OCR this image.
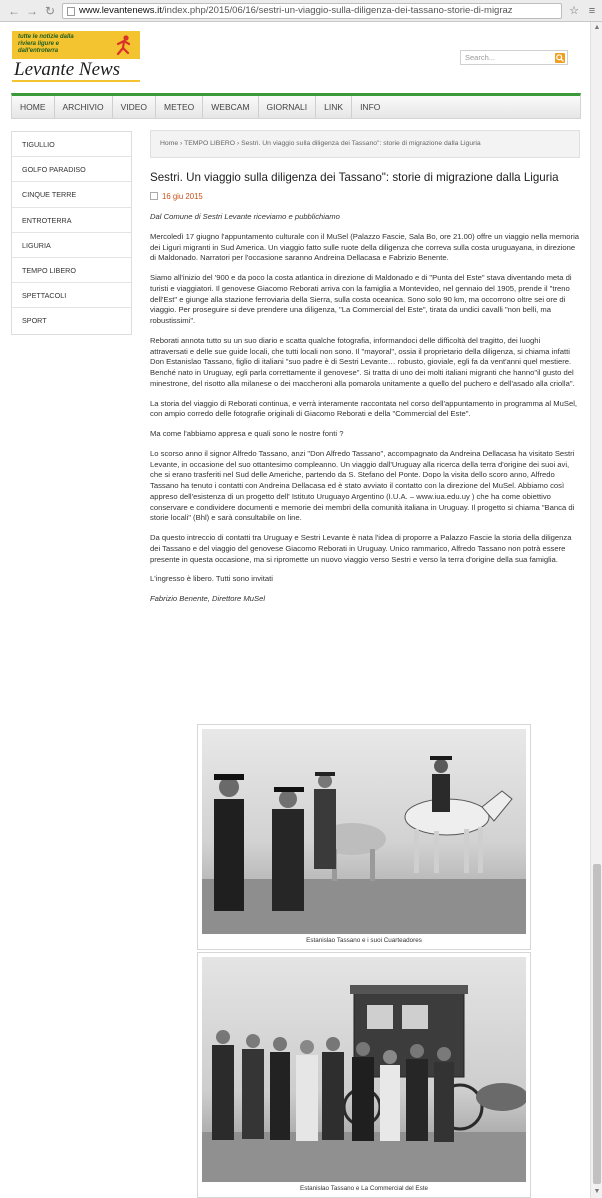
← → ↻	www.levantenews.it/index.php/2015/06/16/sestri-un-viaggio-sulla-diligenza-dei-tassano-storie-di-migraz	☆ ≡
▲
▼
tutte le notizie dalla riviera ligure e dall'entroterra
Levante News
Search...
HOME	ARCHIVIO	VIDEO	METEO	WEBCAM	GIORNALI	LINK	INFO
TIGULLIO
GOLFO PARADISO
CINQUE TERRE
ENTROTERRA
LIGURIA
TEMPO LIBERO
SPETTACOLI
SPORT
Home › TEMPO LIBERO › Sestri. Un viaggio sulla diligenza dei Tassano": storie di migrazione dalla Liguria
Sestri. Un viaggio sulla diligenza dei Tassano": storie di migrazione dalla Liguria
16 giu 2015

Dal Comune di Sestri Levante riceviamo e pubblichiamo

Mercoledì 17 giugno l'appuntamento culturale con il MuSel (Palazzo Fascie, Sala Bo, ore 21.00) offre un viaggio nella memoria dei Liguri migranti in Sud America. Un viaggio fatto sulle ruote della diligenza che correva sulla costa uruguayana, in direzione di Maldonado. Narratori per l'occasione saranno Andreina Dellacasa e Fabrizio Benente.

Siamo all'inizio del '900 e da poco la costa atlantica in direzione di Maldonado e di "Punta del Este" stava diventando meta di turisti e viaggiatori. Il genovese Giacomo Reborati arriva con la famiglia a Montevideo, nel gennaio del 1905, prende il "treno dell'Est" e giunge alla stazione ferroviaria della Sierra, sulla costa oceanica. Sono solo 90 km, ma occorrono oltre sei ore di viaggio. Per proseguire si deve prendere una diligenza, "La Commercial del Este", tirata da undici cavalli "non belli, ma robustissimi".

Reborati annota tutto su un suo diario e scatta qualche fotografia, informandoci delle difficoltà del tragitto, dei luoghi attraversati e delle sue guide locali, che tutti locali non sono. Il "mayoral", ossia il proprietario della diligenza, si chiama infatti Don Estanislao Tassano, figlio di italiani "suo padre è di Sestri Levante… robusto, gioviale, egli fa da vent'anni quel mestiere. Benché nato in Uruguay, egli parla correttamente il genovese". Si tratta di uno dei molti italiani migranti che hanno"il gusto del minestrone, del risotto alla milanese o dei maccheroni alla pomarola unitamente a quello del puchero e dell'asado alla criolla".

La storia del viaggio di Reborati continua, e verrà interamente raccontata nel corso dell'appuntamento in programma al MuSel, con ampio corredo delle fotografie originali di Giacomo Reborati e della "Commercial del Este".

Ma come l'abbiamo appresa e quali sono le nostre fonti ?

Lo scorso anno il signor Alfredo Tassano, anzi "Don Alfredo Tassano", accompagnato da Andreina Dellacasa ha visitato Sestri Levante, in occasione del suo ottantesimo compleanno. Un viaggio dall'Uruguay alla ricerca della terra d'origine dei suoi avi, che si erano trasferiti nel Sud delle Americhe, partendo da S. Stefano del Ponte. Dopo la visita dello scoro anno, Alfredo Tassano ha tenuto i contatti con Andreina Dellacasa ed è stato avviato il contatto con la direzione del MuSel. Abbiamo così appreso dell'esistenza di un progetto dell' Istituto Uruguayo Argentino (I.U.A. – www.iua.edu.uy ) che ha come obiettivo conservare e condividere documenti e memorie dei membri della comunità italiana in Uruguay. Il progetto si chiama "Banca di storie locali" (Bhl) e sarà consultabile on line.

Da questo intreccio di contatti tra Uruguay e Sestri Levante è nata l'idea di proporre a Palazzo Fascie la storia della diligenza dei Tassano e del viaggio del genovese Giacomo Reborati in Uruguay. Unico rammarico, Alfredo Tassano non potrà essere presente in questa occasione, ma si ripromette un nuovo viaggio verso Sestri e verso la terra d'origine della sua famiglia.

L'ingresso è libero. Tutti sono invitati

Fabrizio Benente, Direttore MuSel

Estanislao Tassano e i suoi Cuarteadores
Estanislao Tassano e La Commercial del Este
